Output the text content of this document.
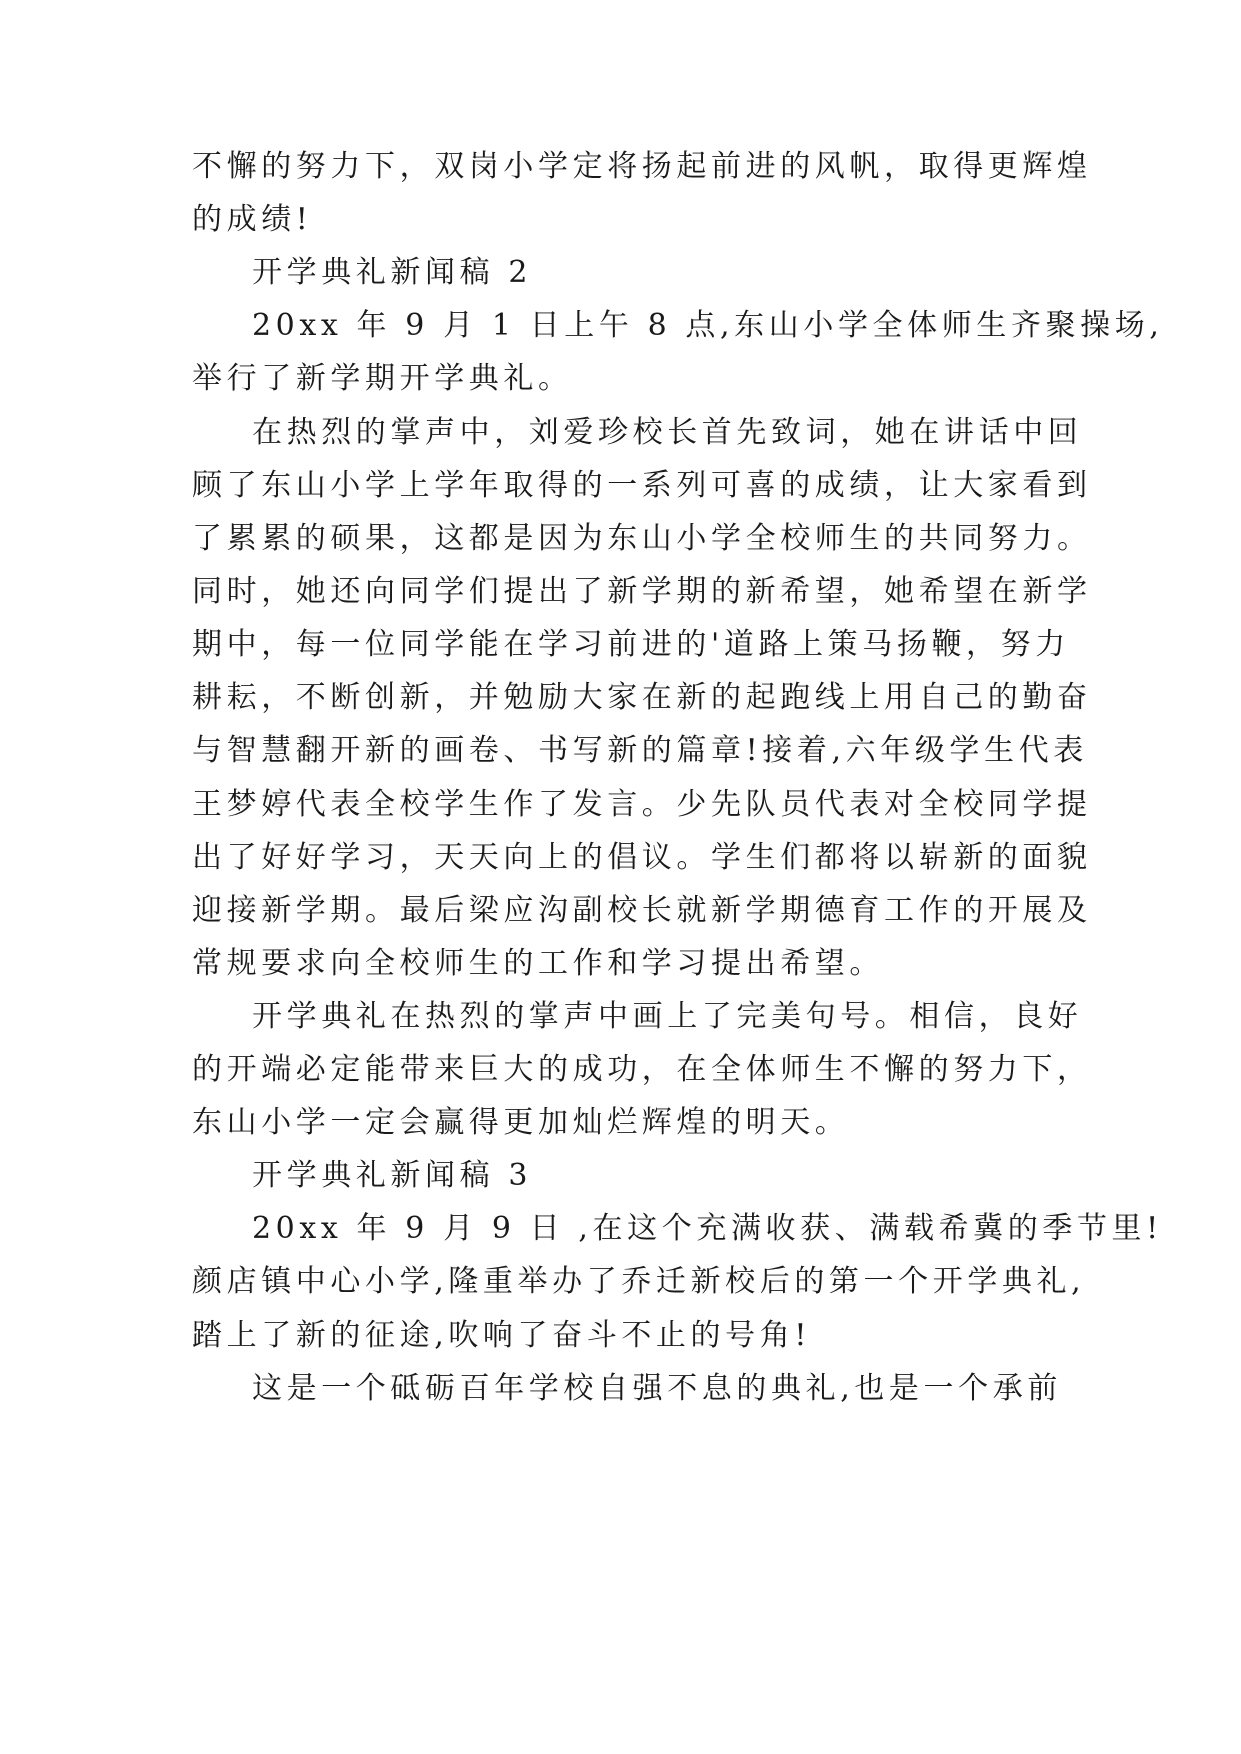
不懈的努力下，双岗小学定将扬起前进的风帆，取得更辉煌

的成绩!

开学典礼新闻稿 2

20xx 年 9 月 1 日上午 8 点,东山小学全体师生齐聚操场,

举行了新学期开学典礼。

在热烈的掌声中，刘爱珍校长首先致词，她在讲话中回

顾了东山小学上学年取得的一系列可喜的成绩，让大家看到

了累累的硕果，这都是因为东山小学全校师生的共同努力。

同时，她还向同学们提出了新学期的新希望，她希望在新学

期中，每一位同学能在学习前进的'道路上策马扬鞭，努力

耕耘，不断创新，并勉励大家在新的起跑线上用自己的勤奋

与智慧翻开新的画卷、书写新的篇章!接着,六年级学生代表

王梦婷代表全校学生作了发言。少先队员代表对全校同学提

出了好好学习，天天向上的倡议。学生们都将以崭新的面貌

迎接新学期。最后梁应沟副校长就新学期德育工作的开展及

常规要求向全校师生的工作和学习提出希望。

开学典礼在热烈的掌声中画上了完美句号。相信，良好

的开端必定能带来巨大的成功，在全体师生不懈的努力下，

东山小学一定会赢得更加灿烂辉煌的明天。

开学典礼新闻稿 3

20xx 年 9 月 9 日 ,在这个充满收获、满载希冀的季节里!

颜店镇中心小学,隆重举办了乔迁新校后的第一个开学典礼,

踏上了新的征途,吹响了奋斗不止的号角!

这是一个砥砺百年学校自强不息的典礼,也是一个承前
